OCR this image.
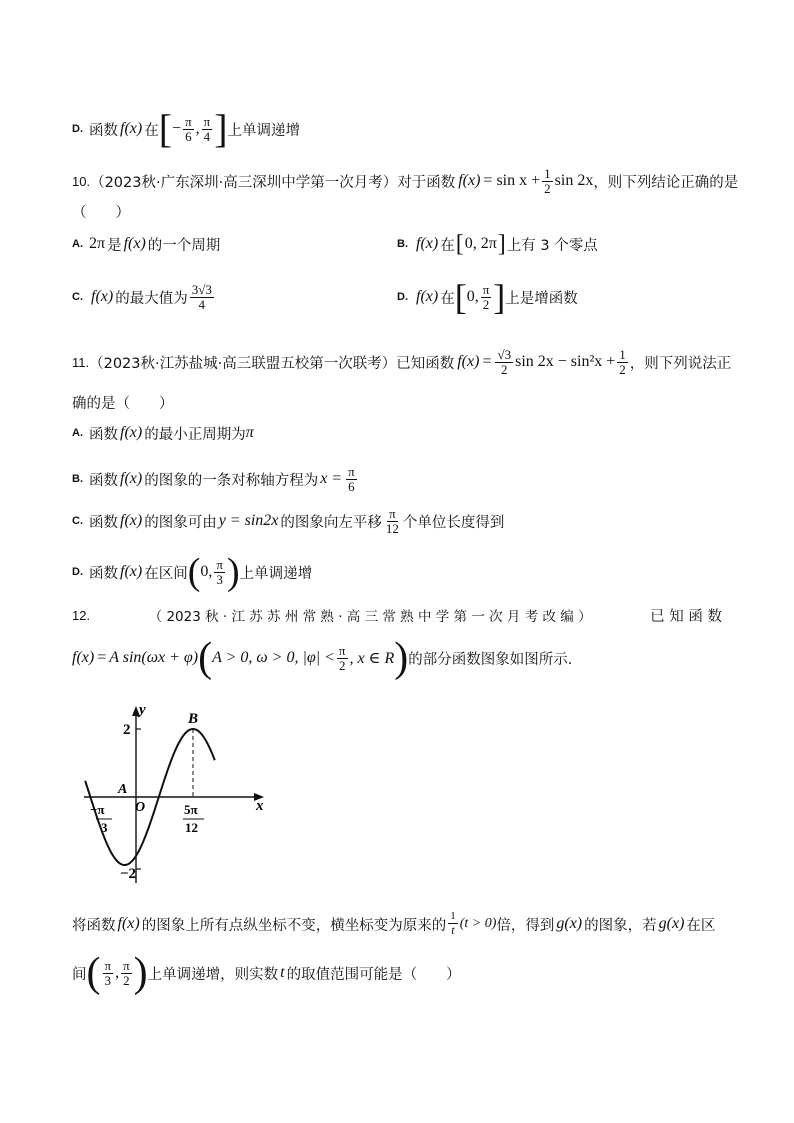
D. 函数 f(x) 在 [ − $\frac{\pi}{6}$ , $\frac{\pi}{4}$ ] 上单调递增
10. （2023秋·广东深圳·高三深圳中学第一次月考） 对于函数 $f(x) = \sin x + \frac{1}{2}$ sin 2x ，则下列结论正确的是
（　　）
A. 2π 是 f(x) 的一个周期	B. f(x) 在 [ 0, 2π ] 上有 3 个零点
C. f(x) 的最大值为 $\frac{3√3}{4}$	D. f(x) 在 [ 0, $\frac{\pi}{2}$ ] 上是增函数
11. （2023秋·江苏盐城·高三联盟五校第一次联考） 已知函数 $f(x) = \frac{√3}{2}$ $\sin 2x - \sin^2x + \frac{1}{2}$ ，则下列说法正
确的是（　　）
A. 函数 f(x) 的最小正周期为 π
B. 函数 f(x) 的图象的一条对称轴方程为 $x = \frac{\pi}{6}$
C. 函数 f(x) 的图象可由 y = sin2x 的图象向左平移 $\frac{\pi}{12}$ 个单位长度得到
D. 函数 f(x) 在区间 ( 0, $\frac{\pi}{3}$ ) 上单调递增
12.	（ 2023 秋 · 江 苏 苏 州 常 熟 · 高 三 常 熟 中 学 第 一 次 月 考 改 编 ）	已 知 函 数
f(x) = A sin(ωx + φ) ( A > 0, ω > 0, $|\varphi| < \frac{\pi}{2}$ , x ∈ R ) 的部分函数图象如图所示.
y
x
O
A
B
2
−2
−π
3
5π
12
将函数 f(x) 的图象上所有点纵坐标不变，横坐标变为原来的 $\frac{1}{t} (t > 0)$ 倍，得到 g(x) 的图象，若 g(x) 在区
间 ( $\frac{\pi}{3}$ , $\frac{\pi}{2}$ ) 上单调递增，则实数 t 的取值范围可能是（　　）
